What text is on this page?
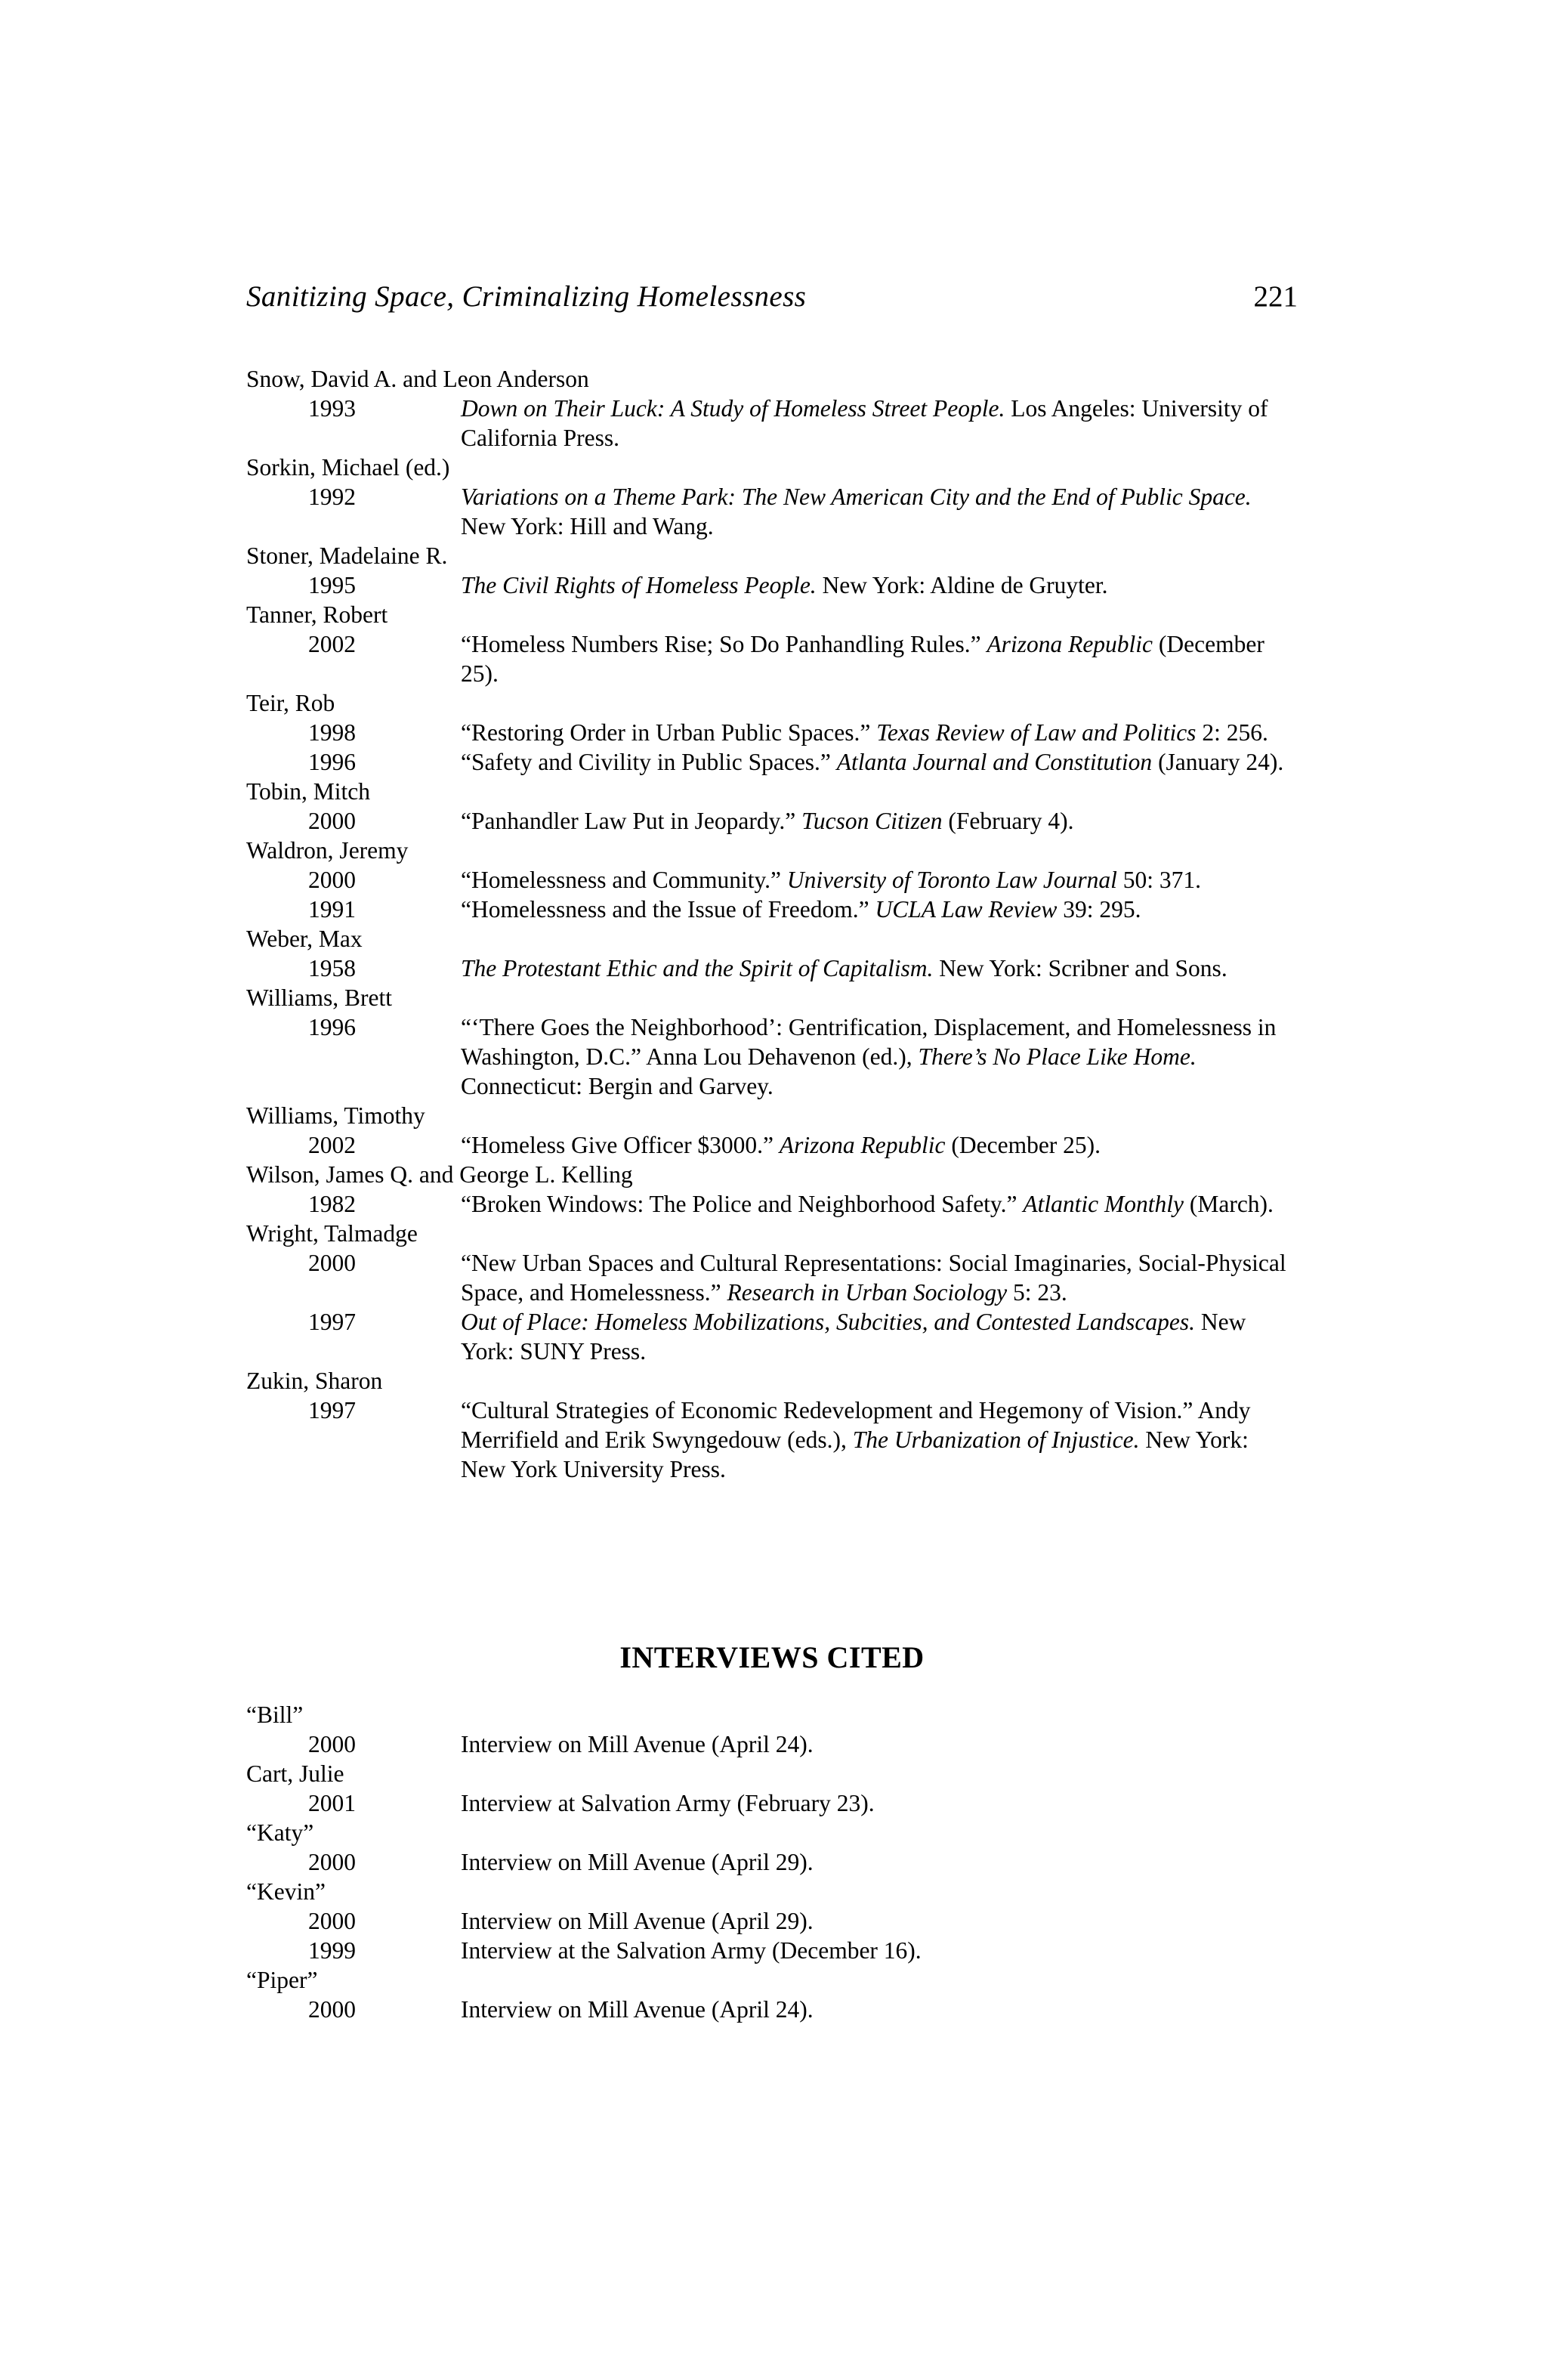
Sanitizing Space, Criminalizing Homelessness	221
Snow, David A. and Leon Anderson
1993	Down on Their Luck: A Study of Homeless Street People. Los Angeles: University of California Press.
Sorkin, Michael (ed.)
1992	Variations on a Theme Park: The New American City and the End of Public Space. New York: Hill and Wang.
Stoner, Madelaine R.
1995	The Civil Rights of Homeless People. New York: Aldine de Gruyter.
Tanner, Robert
2002	“Homeless Numbers Rise; So Do Panhandling Rules.” Arizona Republic (December 25).
Teir, Rob
1998	“Restoring Order in Urban Public Spaces.” Texas Review of Law and Politics 2: 256.
1996	“Safety and Civility in Public Spaces.” Atlanta Journal and Constitution (January 24).
Tobin, Mitch
2000	“Panhandler Law Put in Jeopardy.” Tucson Citizen (February 4).
Waldron, Jeremy
2000	“Homelessness and Community.” University of Toronto Law Journal 50: 371.
1991	“Homelessness and the Issue of Freedom.” UCLA Law Review 39: 295.
Weber, Max
1958	The Protestant Ethic and the Spirit of Capitalism. New York: Scribner and Sons.
Williams, Brett
1996	“‘There Goes the Neighborhood’: Gentrification, Displacement, and Homelessness in Washington, D.C.” Anna Lou Dehavenon (ed.), There’s No Place Like Home. Connecticut: Bergin and Garvey.
Williams, Timothy
2002	“Homeless Give Officer $3000.” Arizona Republic (December 25).
Wilson, James Q. and George L. Kelling
1982	“Broken Windows: The Police and Neighborhood Safety.” Atlantic Monthly (March).
Wright, Talmadge
2000	“New Urban Spaces and Cultural Representations: Social Imaginaries, Social-Physical Space, and Homelessness.” Research in Urban Sociology 5: 23.
1997	Out of Place: Homeless Mobilizations, Subcities, and Contested Landscapes. New York: SUNY Press.
Zukin, Sharon
1997	“Cultural Strategies of Economic Redevelopment and Hegemony of Vision.” Andy Merrifield and Erik Swyngedouw (eds.), The Urbanization of Injustice. New York: New York University Press.
INTERVIEWS CITED
“Bill”
2000	Interview on Mill Avenue (April 24).
Cart, Julie
2001	Interview at Salvation Army (February 23).
“Katy”
2000	Interview on Mill Avenue (April 29).
“Kevin”
2000	Interview on Mill Avenue (April 29).
1999	Interview at the Salvation Army (December 16).
“Piper”
2000	Interview on Mill Avenue (April 24).
